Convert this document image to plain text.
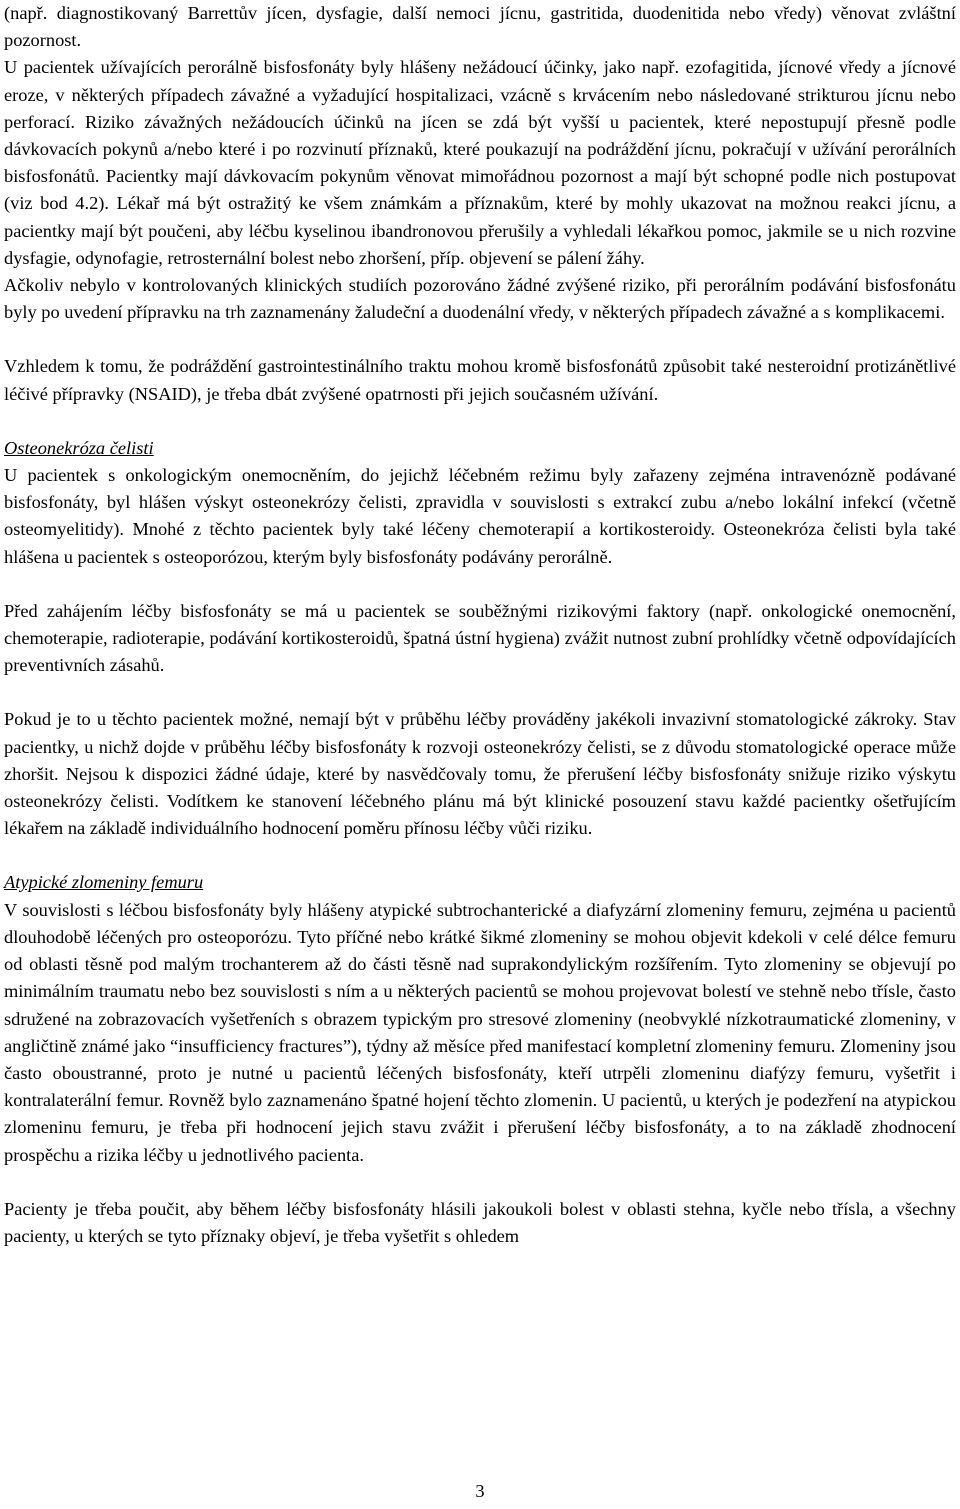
(např. diagnostikovaný Barrettův jícen, dysfagie, další nemoci jícnu, gastritida, duodenitida nebo vředy) věnovat zvláštní pozornost.

U pacientek užívajících perorálně bisfosfonáty byly hlášeny nežádoucí účinky, jako např. ezofagitida, jícnové vředy a jícnové eroze, v některých případech závažné a vyžadující hospitalizaci, vzácně s krvácením nebo následované strikturou jícnu nebo perforací. Riziko závažných nežádoucích účinků na jícen se zdá být vyšší u pacientek, které nepostupují přesně podle dávkovacích pokynů a/nebo které i po rozvinutí příznaků, které poukazují na podráždění jícnu, pokračují v užívání perorálních bisfosfonátů. Pacientky mají dávkovacím pokynům věnovat mimořádnou pozornost a mají být schopné podle nich postupovat (viz bod 4.2). Lékař má být ostražitý ke všem známkám a příznakům, které by mohly ukazovat na možnou reakci jícnu, a pacientky mají být poučeni, aby léčbu kyselinou ibandronovou přerušily a vyhledali lékařkou pomoc, jakmile se u nich rozvine dysfagie, odynofagie, retrosternální bolest nebo zhoršení, příp. objevení se pálení žáhy.

Ačkoliv nebylo v kontrolovaných klinických studiích pozorováno žádné zvýšené riziko, při perorálním podávání bisfosfonátu byly po uvedení přípravku na trh zaznamenány žaludeční a duodenální vředy, v některých případech závažné a s komplikacemi.

Vzhledem k tomu, že podráždění gastrointestinálního traktu mohou kromě bisfosfonátů způsobit také nesteroidní protizánětlivé léčivé přípravky (NSAID), je třeba dbát zvýšené opatrnosti při jejich současném užívání.

Osteonekróza čelisti

U pacientek s onkologickým onemocněním, do jejichž léčebném režimu byly zařazeny zejména intravenózně podávané bisfosfonáty, byl hlášen výskyt osteonekrózy čelisti, zpravidla v souvislosti s extrakcí zubu a/nebo lokální infekcí (včetně osteomyelitidy). Mnohé z těchto pacientek byly také léčeny chemoterapií a kortikosteroidy. Osteonekróza čelisti byla také hlášena u pacientek s osteoporózou, kterým byly bisfosfonáty podávány perorálně.

Před zahájením léčby bisfosfonáty se má u pacientek se souběžnými rizikovými faktory (např. onkologické onemocnění, chemoterapie, radioterapie, podávání kortikosteroidů, špatná ústní hygiena) zvážit nutnost zubní prohlídky včetně odpovídajících preventivních zásahů.

Pokud je to u těchto pacientek možné, nemají být v průběhu léčby prováděny jakékoli invazivní stomatologické zákroky. Stav pacientky, u nichž dojde v průběhu léčby bisfosfonáty k rozvoji osteonekrózy čelisti, se z důvodu stomatologické operace může zhoršit. Nejsou k dispozici žádné údaje, které by nasvědčovaly tomu, že přerušení léčby bisfosfonáty snižuje riziko výskytu osteonekrózy čelisti. Vodítkem ke stanovení léčebného plánu má být klinické posouzení stavu každé pacientky ošetřujícím lékařem na základě individuálního hodnocení poměru přínosu léčby vůči riziku.

Atypické zlomeniny femuru

V souvislosti s léčbou bisfosfonáty byly hlášeny atypické subtrochanterické a diafyzární zlomeniny femuru, zejména u pacientů dlouhodobě léčených pro osteoporózu. Tyto příčné nebo krátké šikmé zlomeniny se mohou objevit kdekoli v celé délce femuru od oblasti těsně pod malým trochanterem až do části těsně nad suprakondylickým rozšířením. Tyto zlomeniny se objevují po minimálním traumatu nebo bez souvislosti s ním a u některých pacientů se mohou projevovat bolestí ve stehně nebo tříslе, často sdružené na zobrazovacích vyšetřeních s obrazem typickým pro stresové zlomeniny (neobvyklé nízkotraumatické zlomeniny, v angličtině známé jako “insufficiency fractures”), týdny až měsíce před manifestací kompletní zlomeniny femuru. Zlomeniny jsou často oboustranné, proto je nutné u pacientů léčených bisfosfonáty, kteří utrpěli zlomeninu diafýzy femuru, vyšetřit i kontralaterální femur. Rovněž bylo zaznamenáno špatné hojení těchto zlomenin. U pacientů, u kterých je podezření na atypickou zlomeninu femuru, je třeba při hodnocení jejich stavu zvážit i přerušení léčby bisfosfonáty, a to na základě zhodnocení prospěchu a rizika léčby u jednotlivého pacienta.

Pacienty je třeba poučit, aby během léčby bisfosfonáty hlásili jakoukoli bolest v oblasti stehna, kyčle nebo třísla, a všechny pacienty, u kterých se tyto příznaky objeví, je třeba vyšetřit s ohledem

3
